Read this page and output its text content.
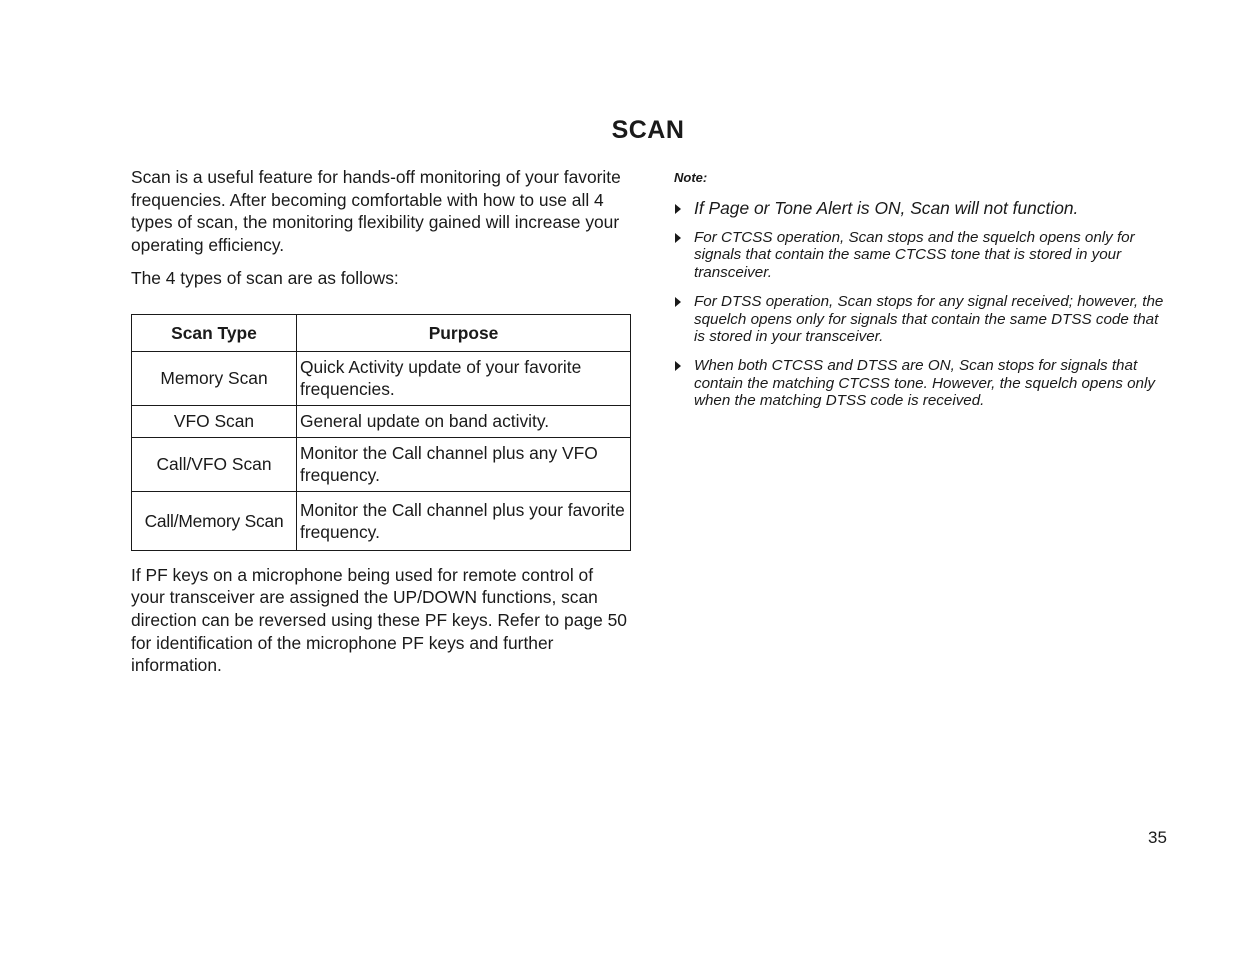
SCAN

Scan is a useful feature for hands-off monitoring of your favorite frequencies. After becoming comfortable with how to use all 4 types of scan, the monitoring flexibility gained will increase your operating efficiency.

The 4 types of scan are as follows:

Scan Type	Purpose
Memory Scan	Quick Activity update of your favorite frequencies.
VFO Scan	General update on band activity.
Call/VFO Scan	Monitor the Call channel plus any VFO frequency.
Call/Memory Scan	Monitor the Call channel plus your favorite frequency.

If PF keys on a microphone being used for remote control of your transceiver are assigned the UP/DOWN functions, scan direction can be reversed using these PF keys. Refer to page 50 for identification of the microphone PF keys and further information.

Note:
If Page or Tone Alert is ON, Scan will not function.
For CTCSS operation, Scan stops and the squelch opens only for signals that contain the same CTCSS tone that is stored in your transceiver.
For DTSS operation, Scan stops for any signal received; however, the squelch opens only for signals that contain the same DTSS code that is stored in your transceiver.
When both CTCSS and DTSS are ON, Scan stops for signals that contain the matching CTCSS tone. However, the squelch opens only when the matching DTSS code is received.
35
